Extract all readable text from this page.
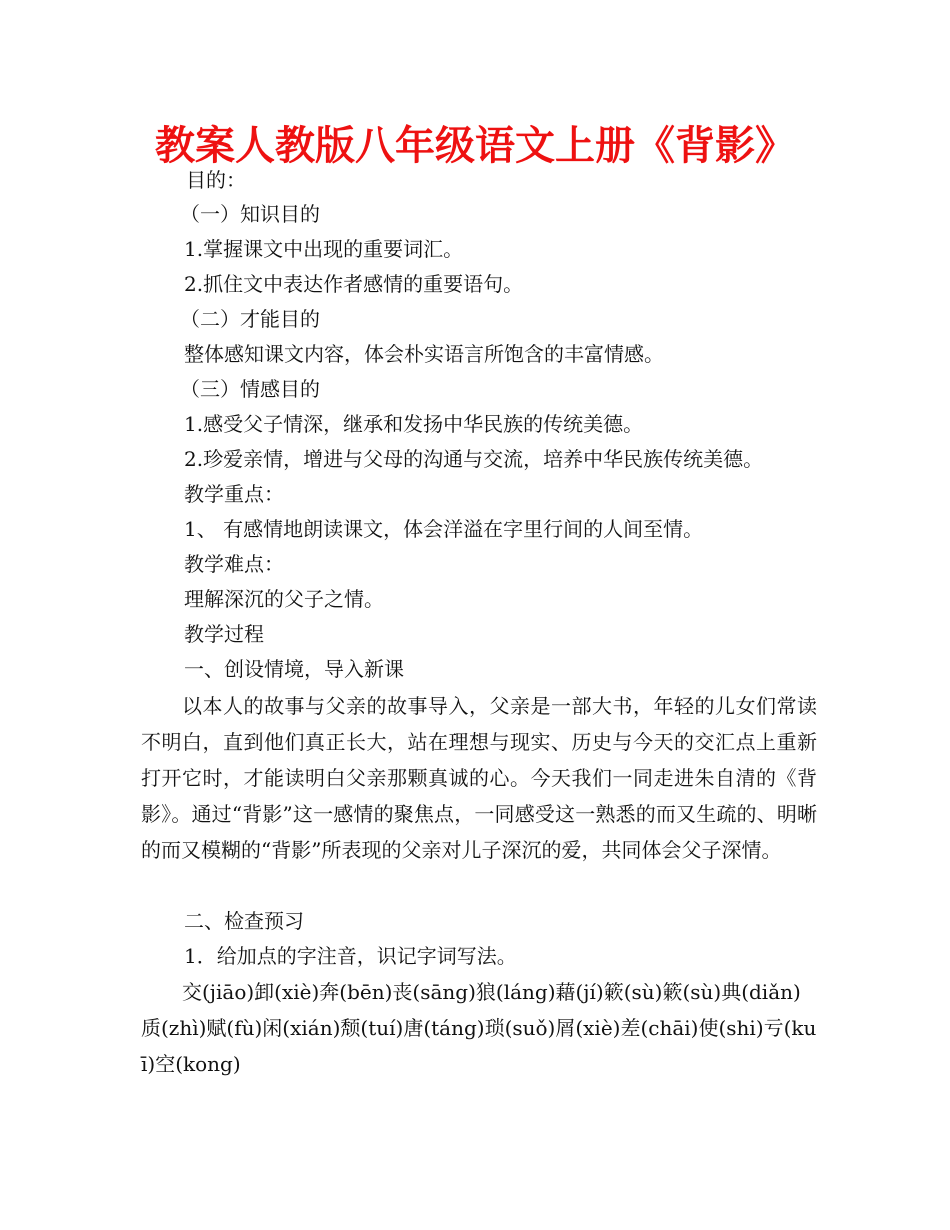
教案人教版八年级语文上册《背影》

目的：

（一）知识目的

1.掌握课文中出现的重要词汇。

2.抓住文中表达作者感情的重要语句。

（二）才能目的

整体感知课文内容，体会朴实语言所饱含的丰富情感。

（三）情感目的

1.感受父子情深，继承和发扬中华民族的传统美德。

2.珍爱亲情，增进与父母的沟通与交流，培养中华民族传统美德。

教学重点：

1、 有感情地朗读课文，体会洋溢在字里行间的人间至情。

教学难点：

理解深沉的父子之情。

教学过程

一、创设情境，导入新课

以本人的故事与父亲的故事导入，父亲是一部大书，年轻的儿女们常读不明白，直到他们真正长大，站在理想与现实、历史与今天的交汇点上重新打开它时，才能读明白父亲那颗真诚的心。今天我们一同走进朱自清的《背影》。通过“背影”这一感情的聚焦点，一同感受这一熟悉的而又生疏的、明晰的而又模糊的“背影”所表现的父亲对儿子深沉的爱，共同体会父子深情。

二、检查预习

1．给加点的字注音，识记字词写法。

交(jiāo)卸(xiè)奔(bēn)丧(sāng)狼(láng)藉(jí)簌(sù)簌(sù)典(diǎn)质(zhì)赋(fù)闲(xián)颓(tuí)唐(táng)琐(suǒ)屑(xiè)差(chāi)使(shi)亏(kuī)空(kong)
